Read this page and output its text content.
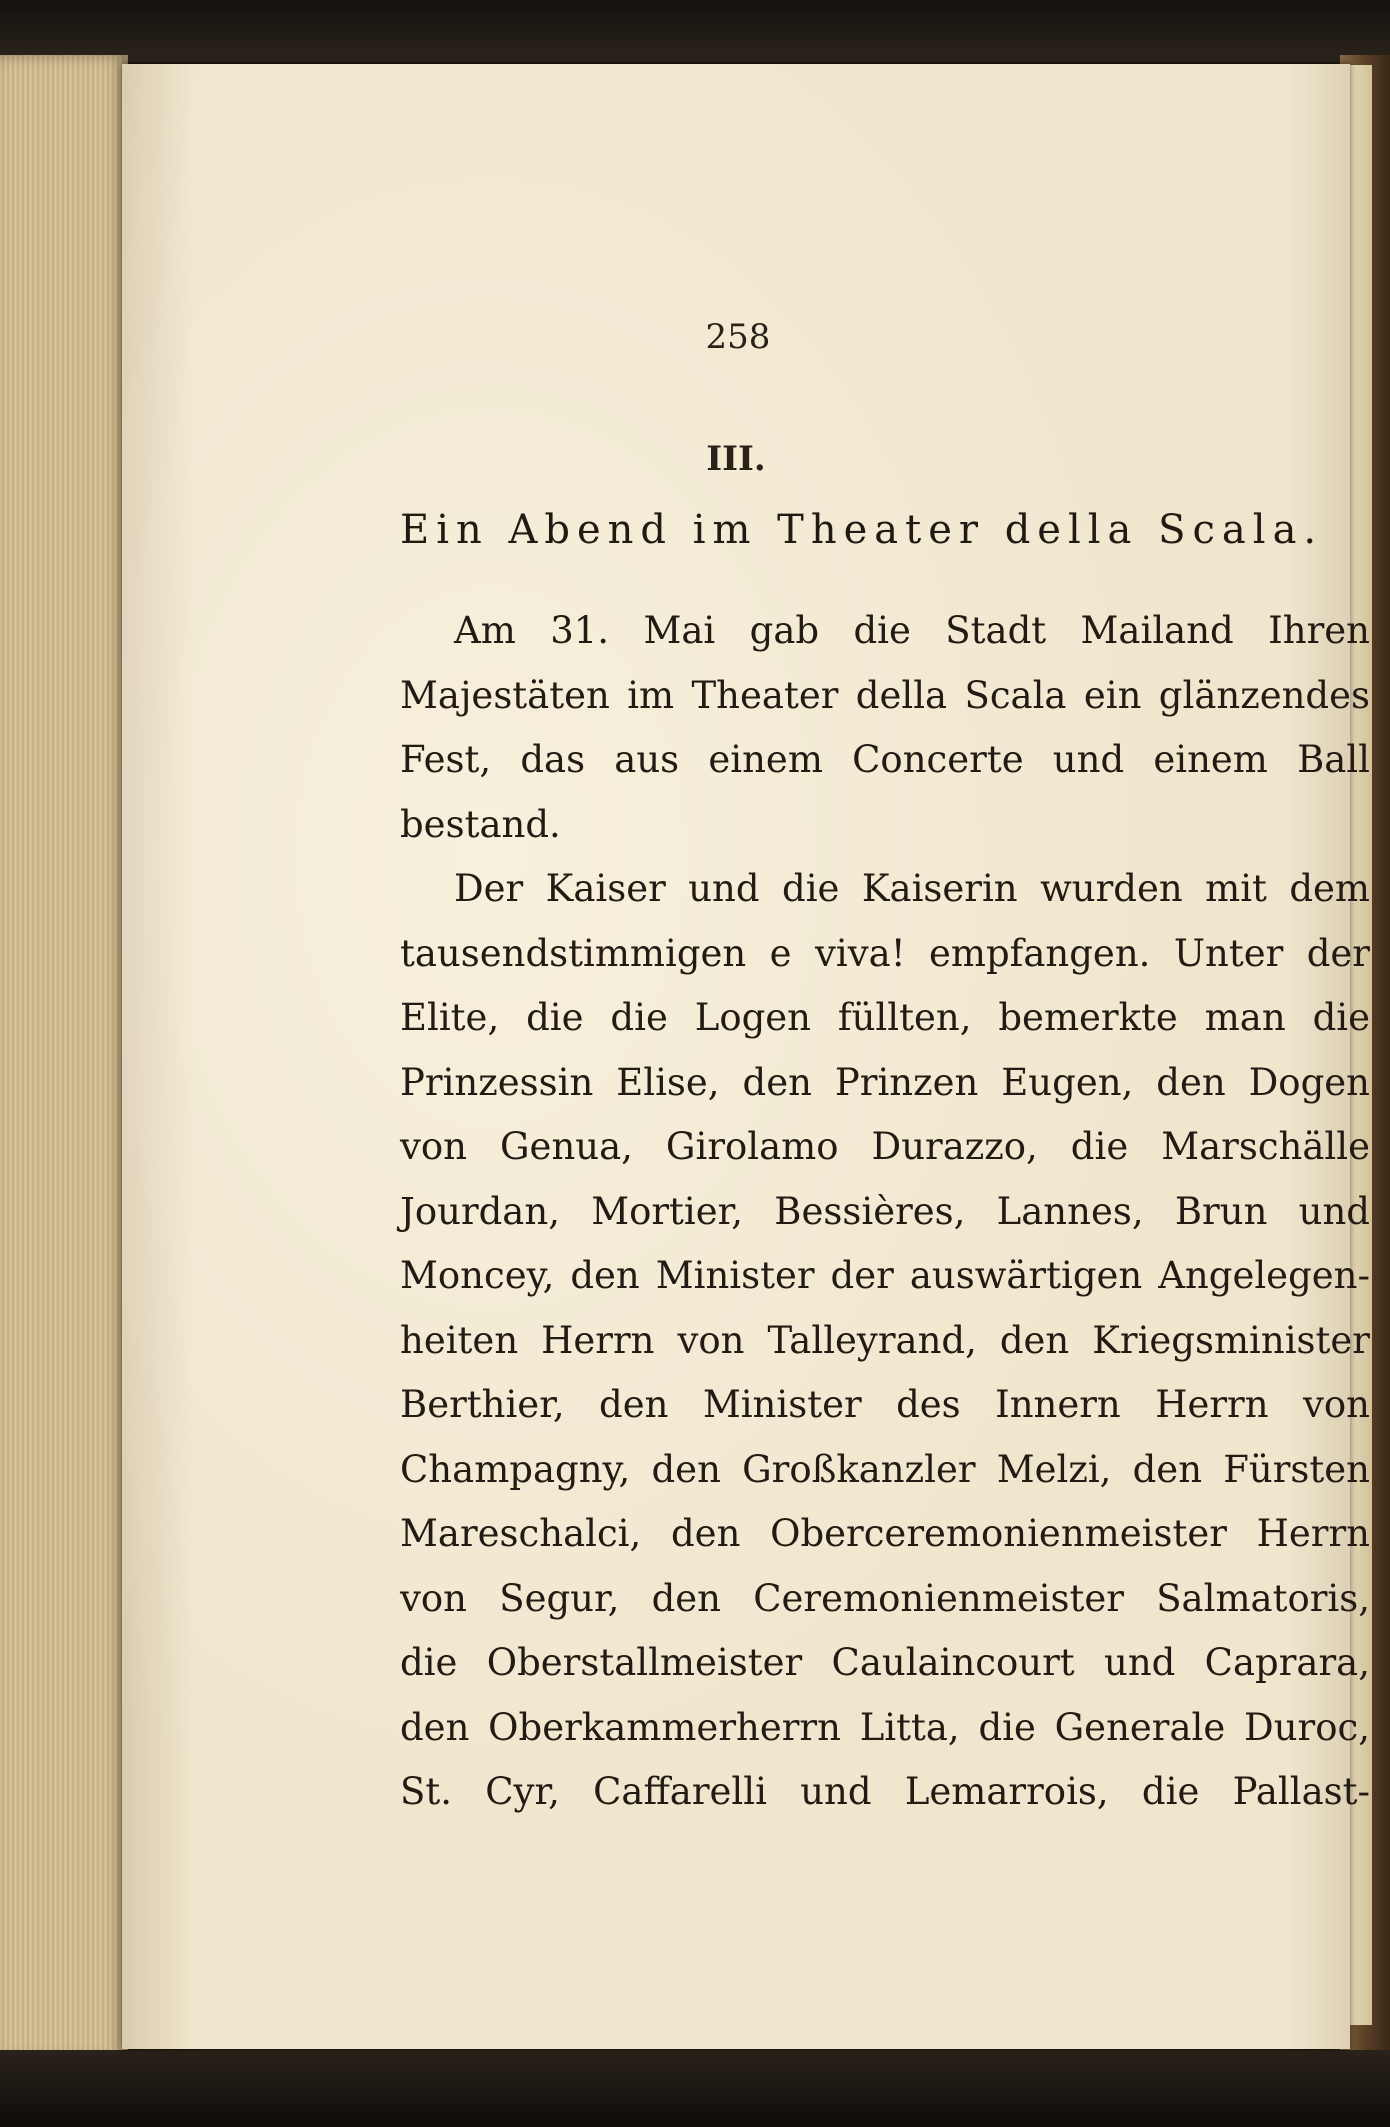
258
III.
Ein Abend im Theater della Scala.
Am 31. Mai gab die Stadt Mailand Ihren
Majestäten im Theater della Scala ein glänzendes
Fest, das aus einem Concerte und einem Ball
bestand.
Der Kaiser und die Kaiserin wurden mit dem
tausendstimmigen e viva! empfangen. Unter der
Elite, die die Logen füllten, bemerkte man die
Prinzessin Elise, den Prinzen Eugen, den Dogen
von Genua, Girolamo Durazzo, die Marschälle
Jourdan, Mortier, Bessières, Lannes, Brun und
Moncey, den Minister der auswärtigen Angelegen-
heiten Herrn von Talleyrand, den Kriegsminister
Berthier, den Minister des Innern Herrn von
Champagny, den Großkanzler Melzi, den Fürsten
Mareschalci, den Oberceremonienmeister Herrn
von Segur, den Ceremonienmeister Salmatoris,
die Oberstallmeister Caulaincourt und Caprara,
den Oberkammerherrn Litta, die Generale Duroc,
St. Cyr, Caffarelli und Lemarrois, die Pallast-
